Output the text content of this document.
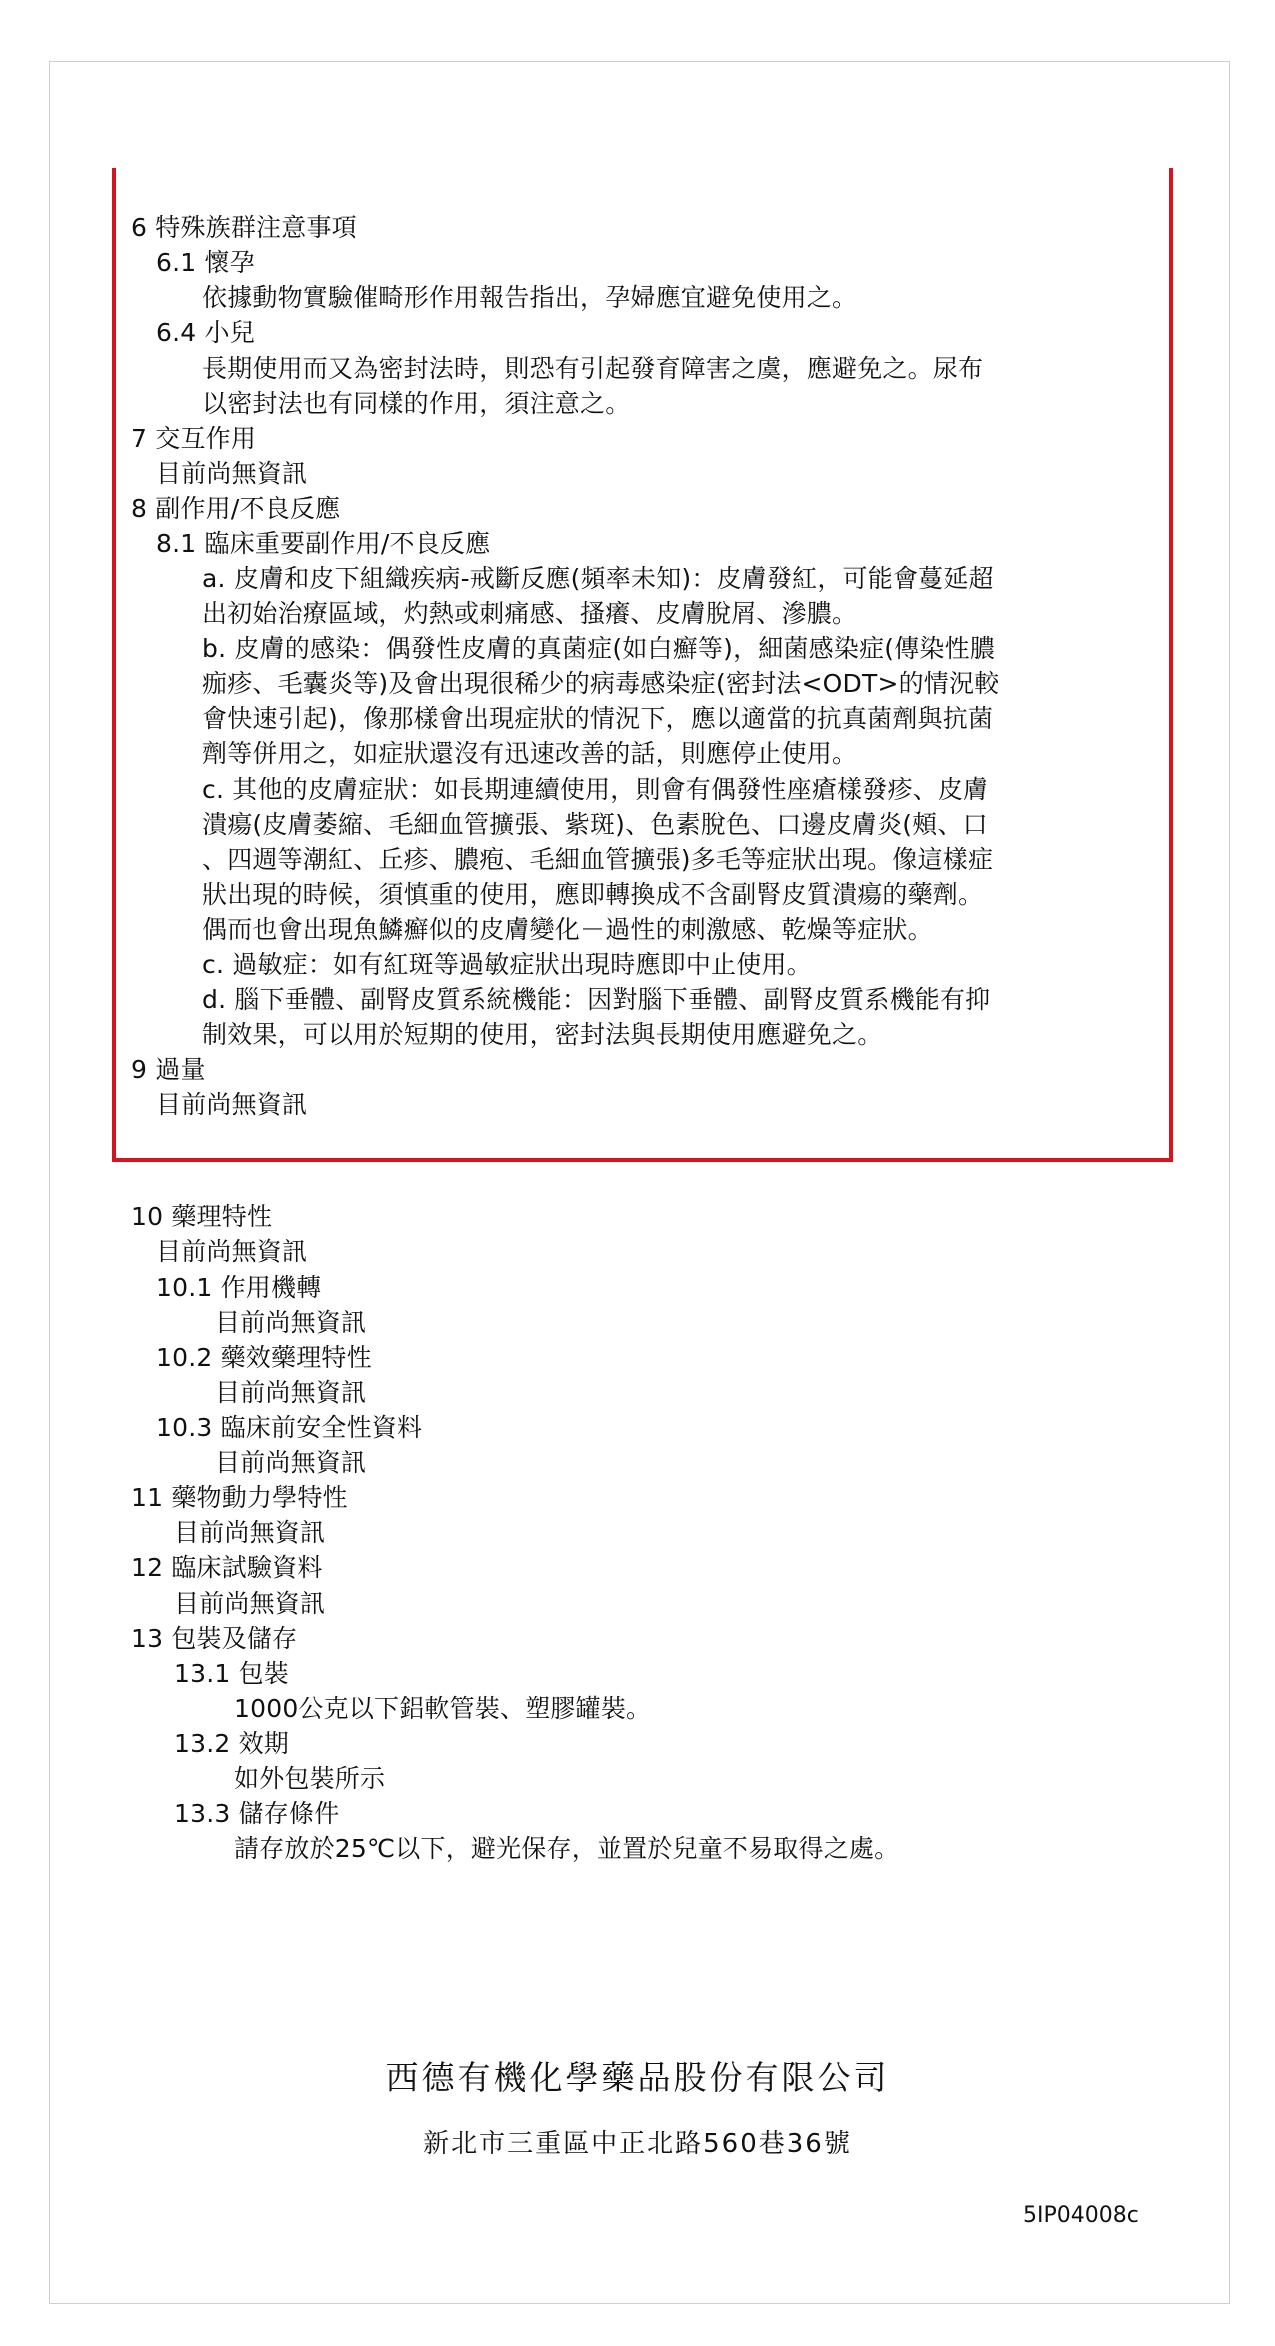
6 特殊族群注意事項
6.1 懷孕
依據動物實驗催畸形作用報告指出，孕婦應宜避免使用之。
6.4 小兒
長期使用而又為密封法時，則恐有引起發育障害之虞，應避免之。尿布
以密封法也有同樣的作用，須注意之。
7 交互作用
目前尚無資訊
8 副作用/不良反應
8.1 臨床重要副作用/不良反應
a. 皮膚和皮下組織疾病-戒斷反應(頻率未知)：皮膚發紅，可能會蔓延超
出初始治療區域，灼熱或刺痛感、搔癢、皮膚脫屑、滲膿。
b. 皮膚的感染：偶發性皮膚的真菌症(如白癬等)，細菌感染症(傳染性膿
痂疹、毛囊炎等)及會出現很稀少的病毒感染症(密封法<ODT>的情況較
會快速引起)，像那樣會出現症狀的情況下，應以適當的抗真菌劑與抗菌
劑等併用之，如症狀還沒有迅速改善的話，則應停止使用。
c. 其他的皮膚症狀：如長期連續使用，則會有偶發性座瘡樣發疹、皮膚
潰瘍(皮膚萎縮、毛細血管擴張、紫斑)、色素脫色、口邊皮膚炎(頰、口
、四週等潮紅、丘疹、膿疱、毛細血管擴張)多毛等症狀出現。像這樣症
狀出現的時候，須慎重的使用，應即轉換成不含副腎皮質潰瘍的藥劑。
偶而也會出現魚鱗癬似的皮膚變化－過性的刺激感、乾燥等症狀。
c. 過敏症：如有紅斑等過敏症狀出現時應即中止使用。
d. 腦下垂體、副腎皮質系統機能：因對腦下垂體、副腎皮質系機能有抑
制效果，可以用於短期的使用，密封法與長期使用應避免之。
9 過量
目前尚無資訊
10 藥理特性
目前尚無資訊
10.1 作用機轉
目前尚無資訊
10.2 藥效藥理特性
目前尚無資訊
10.3 臨床前安全性資料
目前尚無資訊
11 藥物動力學特性
目前尚無資訊
12 臨床試驗資料
目前尚無資訊
13 包裝及儲存
13.1 包裝
1000公克以下鋁軟管裝、塑膠罐裝。
13.2 效期
如外包裝所示
13.3 儲存條件
請存放於25℃以下，避光保存，並置於兒童不易取得之處。
西德有機化學藥品股份有限公司
新北市三重區中正北路560巷36號
5IP04008c
